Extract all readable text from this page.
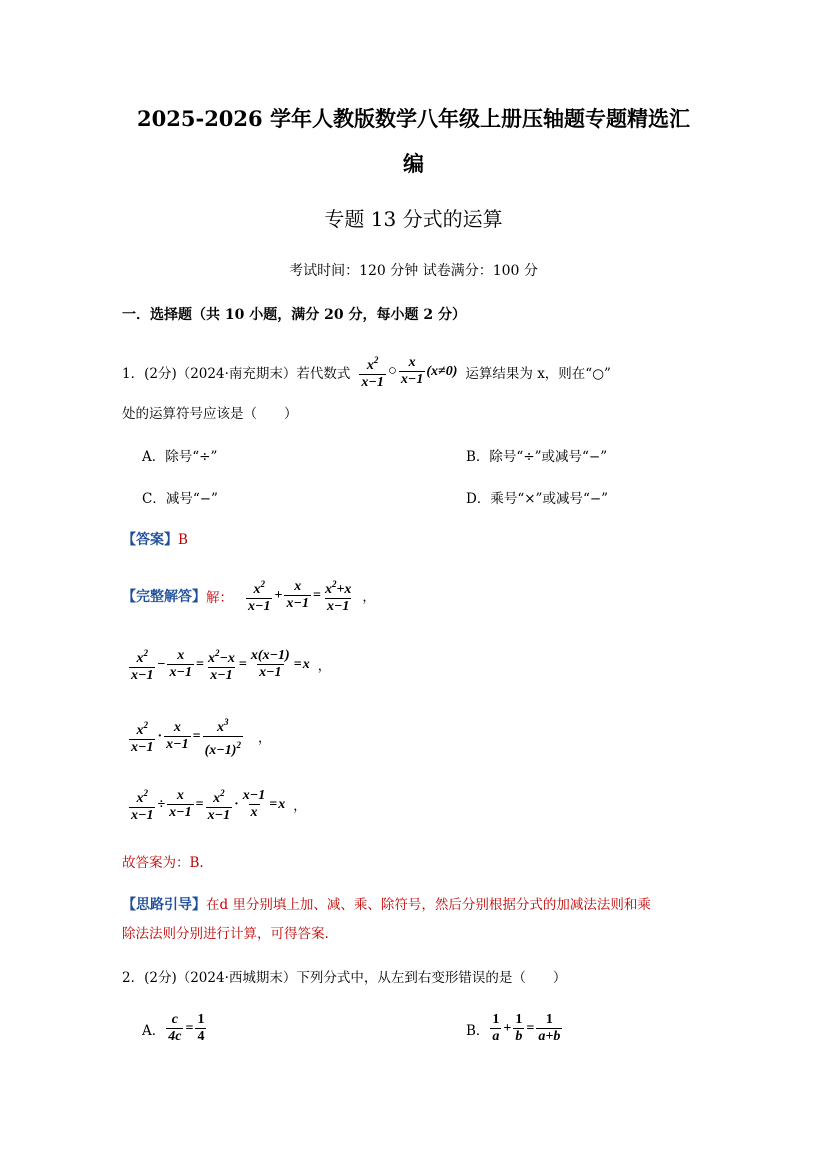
2025-2026 学年人教版数学八年级上册压轴题专题精选汇
编
专题 13 分式的运算
考试时间：120 分钟 试卷满分：100 分
一．选择题（共 10 小题，满分 20 分，每小题 2 分）
1．(2分)（2024·南充期末）若代数式 $x^2$
x−1
○
x
x−1
(x≠0) 运算结果为 x，则在“○”
处的运算符号应该是（　　）
A．除号“÷”	B．除号“÷”或减号“−”
C．减号“−”	D．乘号“×”或减号“−”
【答案】B
【完整解答】 解： $x^2$
x−1
+ $\frac{x}{x-1} = \frac{x^2+x}{x-1}$ ，
$x^2$
x−1
− $\frac{x}{x-1} = \frac{x^2-x}{x-1} = \frac{x(x-1)}{x-1} = x$ ，
$x^2$
x−1
· $\frac{x}{x-1} = \frac{x^3}{(x-1)^2}$ ，
$\frac{x^2}{x-1} \div \frac{x}{x-1} = \frac{x^2}{x-1} \cdot \frac{x-1}{x} = x$ ，
故答案为：B.
【思路引导】在d 里分别填上加、减、乘、除符号，然后分别根据分式的加减法法则和乘
除法法则分别进行计算，可得答案.
2．(2分)（2024·西城期末）下列分式中，从左到右变形错误的是（　　）
A． $\frac{c}{4c} = \frac{1}{4}$	B．
1
a
+ $\frac{1}{b} = \frac{1}{a+b}$
